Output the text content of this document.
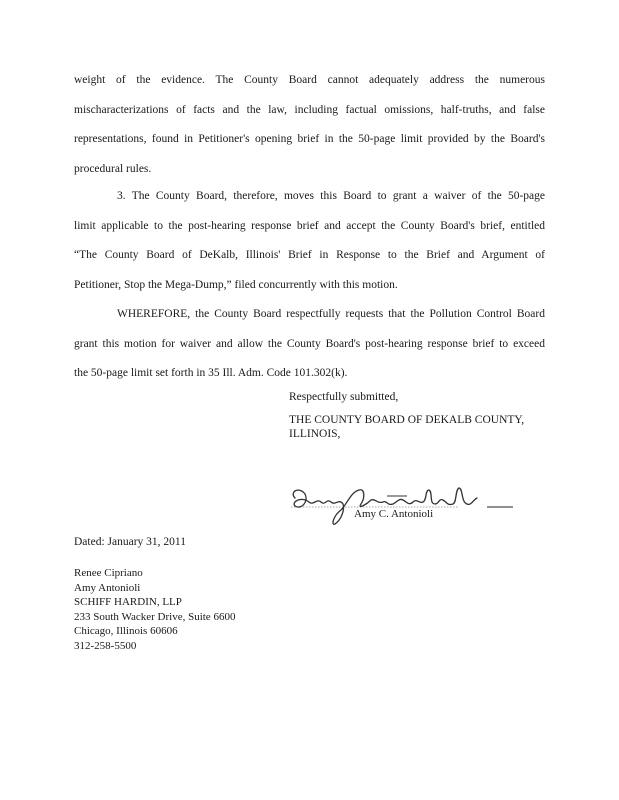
weight of the evidence. The County Board cannot adequately address the numerous
mischaracterizations of facts and the law, including factual omissions, half-truths, and false
representations, found in Petitioner's opening brief in the 50-page limit provided by the Board's
procedural rules.
3. The County Board, therefore, moves this Board to grant a waiver of the 50-page
limit applicable to the post-hearing response brief and accept the County Board's brief, entitled
“The County Board of DeKalb, Illinois' Brief in Response to the Brief and Argument of
Petitioner, Stop the Mega-Dump,” filed concurrently with this motion.
WHEREFORE, the County Board respectfully requests that the Pollution Control Board
grant this motion for waiver and allow the County Board's post-hearing response brief to exceed
the 50-page limit set forth in 35 Ill. Adm. Code 101.302(k).
Respectfully submitted,
THE COUNTY BOARD OF DEKALB COUNTY,
ILLINOIS,
Amy C. Antonioli
Dated: January 31, 2011
Renee Cipriano
Amy Antonioli
SCHIFF HARDIN, LLP
233 South Wacker Drive, Suite 6600
Chicago, Illinois 60606
312-258-5500
